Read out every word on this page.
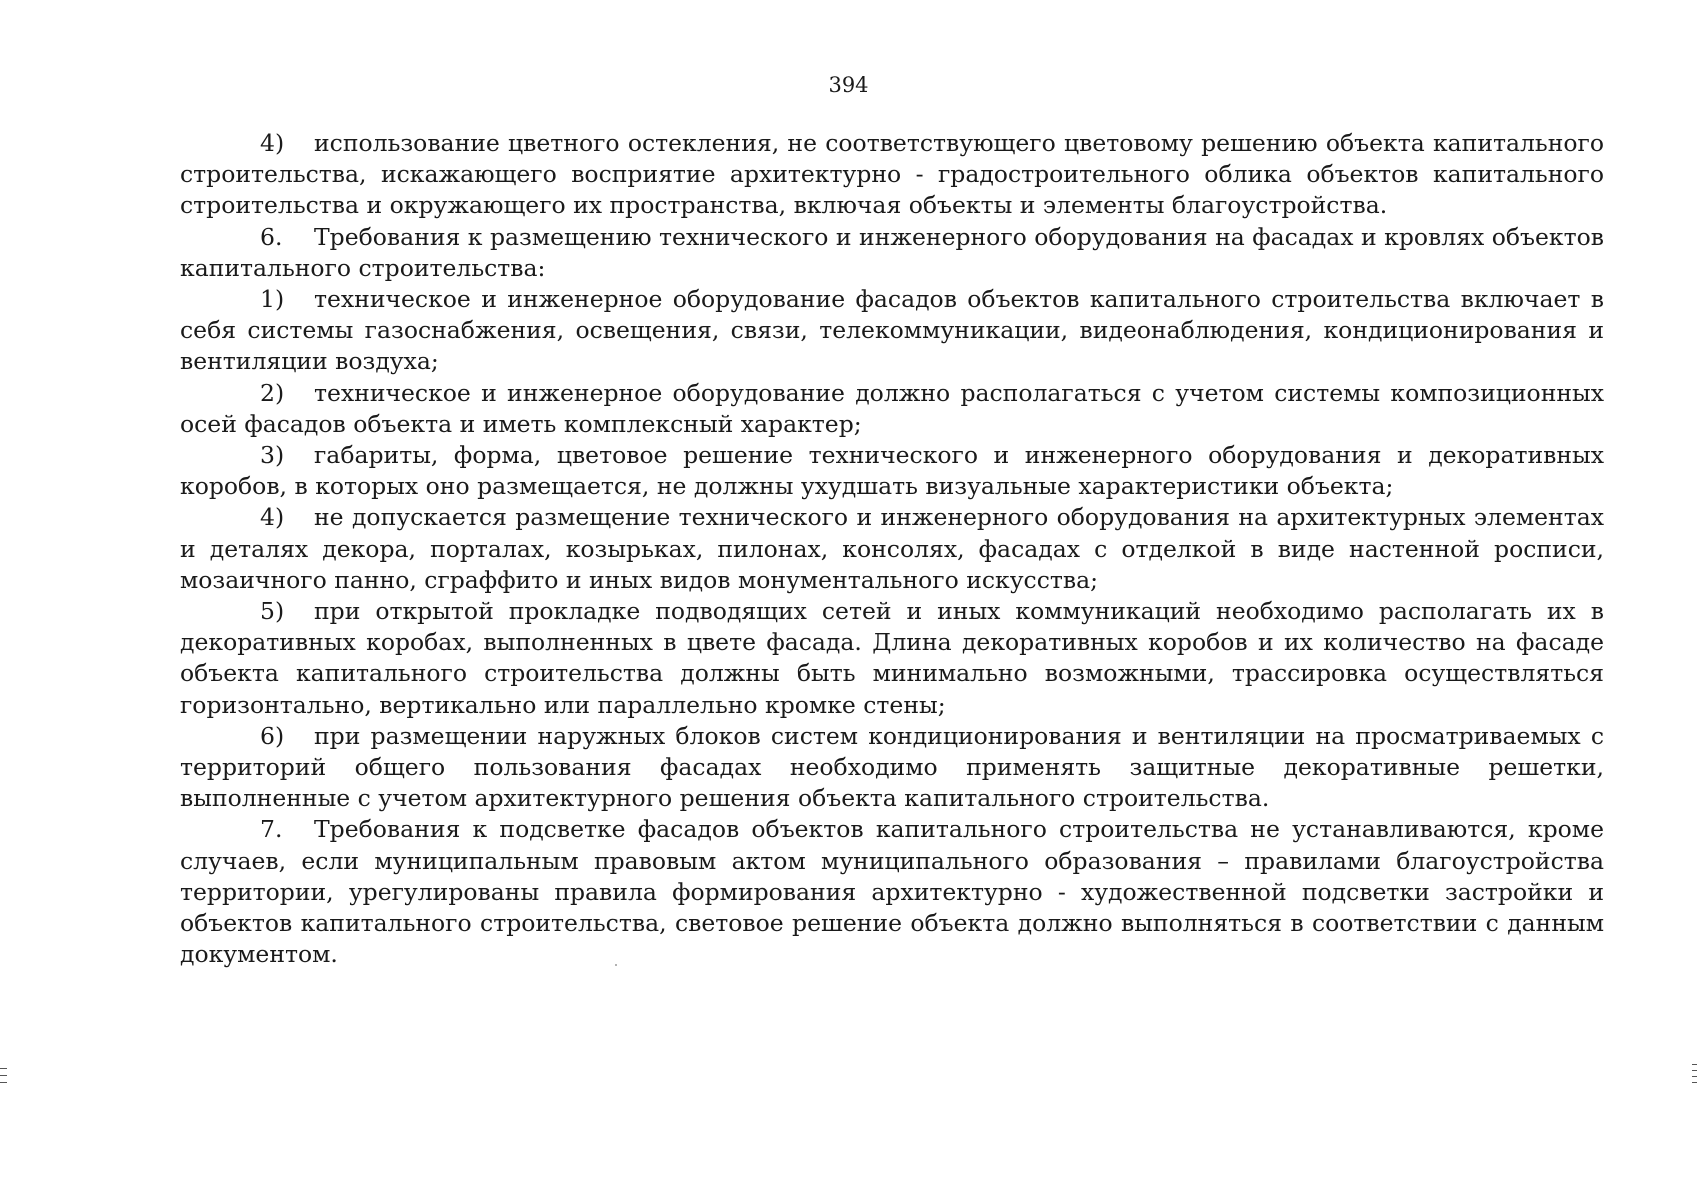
394

4) использование цветного остекления, не соответствующего цветовому решению объекта капитального строительства, искажающего восприятие архитектурно - градостроительного облика объектов капитального строительства и окружающего их пространства, включая объекты и элементы благоустройства.

6. Требования к размещению технического и инженерного оборудования на фасадах и кровлях объектов капитального строительства:

1) техническое и инженерное оборудование фасадов объектов капитального строительства включает в себя системы газоснабжения, освещения, связи, телекоммуникации, видеонаблюдения, кондиционирования и вентиляции воздуха;

2) техническое и инженерное оборудование должно располагаться с учетом системы композиционных осей фасадов объекта и иметь комплексный характер;

3) габариты, форма, цветовое решение технического и инженерного оборудования и декоративных коробов, в которых оно размещается, не должны ухудшать визуальные характеристики объекта;

4) не допускается размещение технического и инженерного оборудования на архитектурных элементах и деталях декора, порталах, козырьках, пилонах, консолях, фасадах с отделкой в виде настенной росписи, мозаичного панно, сграффито и иных видов монументального искусства;

5) при открытой прокладке подводящих сетей и иных коммуникаций необходимо располагать их в декоративных коробах, выполненных в цвете фасада. Длина декоративных коробов и их количество на фасаде объекта капитального строительства должны быть минимально возможными, трассировка осуществляться горизонтально, вертикально или параллельно кромке стены;

6) при размещении наружных блоков систем кондиционирования и вентиляции на просматриваемых с территорий общего пользования фасадах необходимо применять защитные декоративные решетки, выполненные с учетом архитектурного решения объекта капитального строительства.

7. Требования к подсветке фасадов объектов капитального строительства не устанавливаются, кроме случаев, если муниципальным правовым актом муниципального образования – правилами благоустройства территории, урегулированы правила формирования архитектурно - художественной подсветки застройки и объектов капитального строительства, световое решение объекта должно выполняться в соответствии с данным документом.
